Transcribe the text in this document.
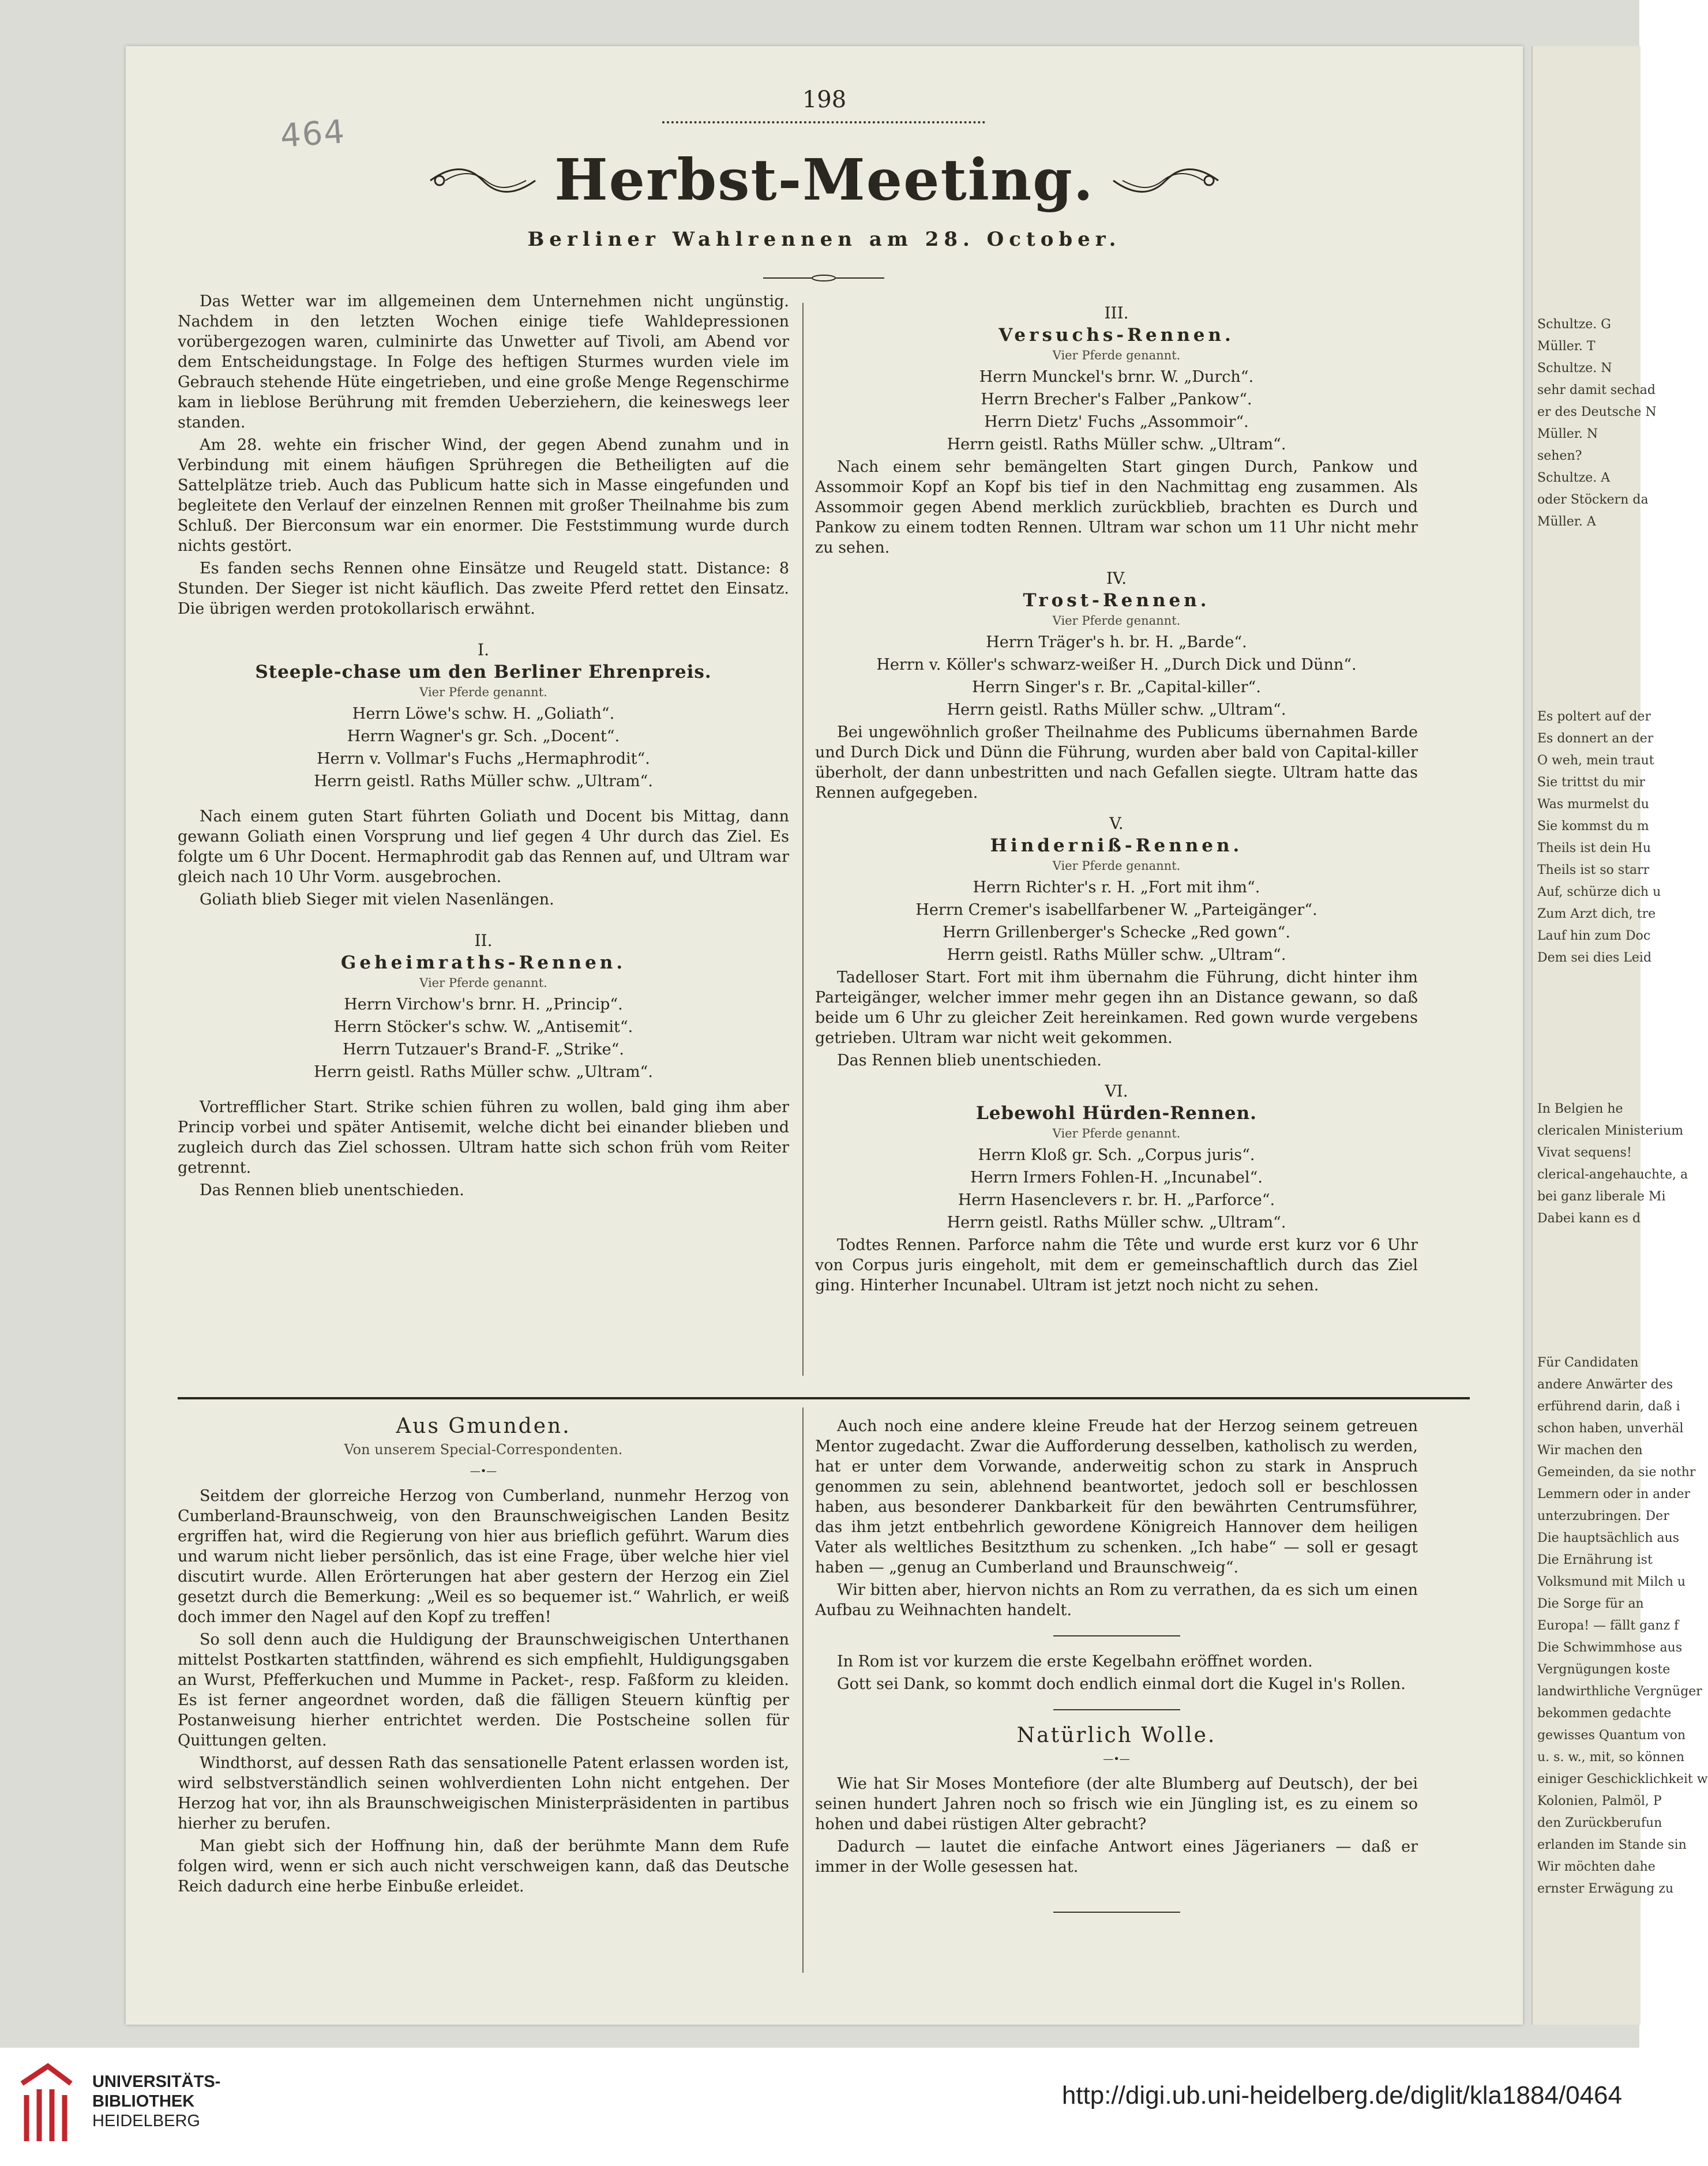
464
198
Herbst-Meeting.
Berliner Wahlrennen am 28. October.

Das Wetter war im allgemeinen dem Unternehmen nicht ungünstig. Nachdem in den letzten Wochen einige tiefe Wahldepressionen vorübergezogen waren, culminirte das Unwetter auf Tivoli, am Abend vor dem Entscheidungstage. In Folge des heftigen Sturmes wurden viele im Gebrauch stehende Hüte eingetrieben, und eine große Menge Regenschirme kam in lieblose Berührung mit fremden Ueberziehern, die keineswegs leer standen.

Am 28. wehte ein frischer Wind, der gegen Abend zunahm und in Verbindung mit einem häufigen Sprühregen die Betheiligten auf die Sattelplätze trieb. Auch das Publicum hatte sich in Masse eingefunden und begleitete den Verlauf der einzelnen Rennen mit großer Theilnahme bis zum Schluß. Der Bierconsum war ein enormer. Die Feststimmung wurde durch nichts gestört.

Es fanden sechs Rennen ohne Einsätze und Reugeld statt. Distance: 8 Stunden. Der Sieger ist nicht käuflich. Das zweite Pferd rettet den Einsatz. Die übrigen werden protokollarisch erwähnt.

I.
Steeple-chase um den Berliner Ehrenpreis.
Vier Pferde genannt.

Herrn Löwe's schw. H. „Goliath“.

Herrn Wagner's gr. Sch. „Docent“.

Herrn v. Vollmar's Fuchs „Hermaphrodit“.

Herrn geistl. Raths Müller schw. „Ultram“.

Nach einem guten Start führten Goliath und Docent bis Mittag, dann gewann Goliath einen Vorsprung und lief gegen 4 Uhr durch das Ziel. Es folgte um 6 Uhr Docent. Hermaphrodit gab das Rennen auf, und Ultram war gleich nach 10 Uhr Vorm. ausgebrochen.

Goliath blieb Sieger mit vielen Nasenlängen.

II.
Geheimraths-Rennen.
Vier Pferde genannt.

Herrn Virchow's brnr. H. „Princip“.

Herrn Stöcker's schw. W. „Antisemit“.

Herrn Tutzauer's Brand-F. „Strike“.

Herrn geistl. Raths Müller schw. „Ultram“.

Vortrefflicher Start. Strike schien führen zu wollen, bald ging ihm aber Princip vorbei und später Antisemit, welche dicht bei einander blieben und zugleich durch das Ziel schossen. Ultram hatte sich schon früh vom Reiter getrennt.

Das Rennen blieb unentschieden.

III.
Versuchs-Rennen.
Vier Pferde genannt.

Herrn Munckel's brnr. W. „Durch“.

Herrn Brecher's Falber „Pankow“.

Herrn Dietz' Fuchs „Assommoir“.

Herrn geistl. Raths Müller schw. „Ultram“.

Nach einem sehr bemängelten Start gingen Durch, Pankow und Assommoir Kopf an Kopf bis tief in den Nachmittag eng zusammen. Als Assommoir gegen Abend merklich zurückblieb, brachten es Durch und Pankow zu einem todten Rennen. Ultram war schon um 11 Uhr nicht mehr zu sehen.

IV.
Trost-Rennen.
Vier Pferde genannt.

Herrn Träger's h. br. H. „Barde“.

Herrn v. Köller's schwarz-weißer H. „Durch Dick und Dünn“.

Herrn Singer's r. Br. „Capital-killer“.

Herrn geistl. Raths Müller schw. „Ultram“.

Bei ungewöhnlich großer Theilnahme des Publicums übernahmen Barde und Durch Dick und Dünn die Führung, wurden aber bald von Capital-killer überholt, der dann unbestritten und nach Gefallen siegte. Ultram hatte das Rennen aufgegeben.

V.
Hinderniß-Rennen.
Vier Pferde genannt.

Herrn Richter's r. H. „Fort mit ihm“.

Herrn Cremer's isabellfarbener W. „Parteigänger“.

Herrn Grillenberger's Schecke „Red gown“.

Herrn geistl. Raths Müller schw. „Ultram“.

Tadelloser Start. Fort mit ihm übernahm die Führung, dicht hinter ihm Parteigänger, welcher immer mehr gegen ihn an Distance gewann, so daß beide um 6 Uhr zu gleicher Zeit hereinkamen. Red gown wurde vergebens getrieben. Ultram war nicht weit gekommen.

Das Rennen blieb unentschieden.

VI.
Lebewohl Hürden-Rennen.
Vier Pferde genannt.

Herrn Kloß gr. Sch. „Corpus juris“.

Herrn Irmers Fohlen-H. „Incunabel“.

Herrn Hasenclevers r. br. H. „Parforce“.

Herrn geistl. Raths Müller schw. „Ultram“.

Todtes Rennen. Parforce nahm die Tête und wurde erst kurz vor 6 Uhr von Corpus juris eingeholt, mit dem er gemeinschaftlich durch das Ziel ging. Hinterher Incunabel. Ultram ist jetzt noch nicht zu sehen.

Aus Gmunden.
Von unserem Special-Correspondenten.
—•—

Seitdem der glorreiche Herzog von Cumberland, nunmehr Herzog von Cumberland-Braunschweig, von den Braunschweigischen Landen Besitz ergriffen hat, wird die Regierung von hier aus brieflich geführt. Warum dies und warum nicht lieber persönlich, das ist eine Frage, über welche hier viel discutirt wurde. Allen Erörterungen hat aber gestern der Herzog ein Ziel gesetzt durch die Bemerkung: „Weil es so bequemer ist.“ Wahrlich, er weiß doch immer den Nagel auf den Kopf zu treffen!

So soll denn auch die Huldigung der Braunschweigischen Unterthanen mittelst Postkarten stattfinden, während es sich empfiehlt, Huldigungsgaben an Wurst, Pfefferkuchen und Mumme in Packet-, resp. Faßform zu kleiden. Es ist ferner angeordnet worden, daß die fälligen Steuern künftig per Postanweisung hierher entrichtet werden. Die Postscheine sollen für Quittungen gelten.

Windthorst, auf dessen Rath das sensationelle Patent erlassen worden ist, wird selbstverständlich seinen wohlverdienten Lohn nicht entgehen. Der Herzog hat vor, ihn als Braunschweigischen Ministerpräsidenten in partibus hierher zu berufen.

Man giebt sich der Hoffnung hin, daß der berühmte Mann dem Rufe folgen wird, wenn er sich auch nicht verschweigen kann, daß das Deutsche Reich dadurch eine herbe Einbuße erleidet.

Auch noch eine andere kleine Freude hat der Herzog seinem getreuen Mentor zugedacht. Zwar die Aufforderung desselben, katholisch zu werden, hat er unter dem Vorwande, anderweitig schon zu stark in Anspruch genommen zu sein, ablehnend beantwortet, jedoch soll er beschlossen haben, aus besonderer Dankbarkeit für den bewährten Centrumsführer, das ihm jetzt entbehrlich gewordene Königreich Hannover dem heiligen Vater als weltliches Besitzthum zu schenken. „Ich habe“ — soll er gesagt haben — „genug an Cumberland und Braunschweig“.

Wir bitten aber, hiervon nichts an Rom zu verrathen, da es sich um einen Aufbau zu Weihnachten handelt.

In Rom ist vor kurzem die erste Kegelbahn eröffnet worden.

Gott sei Dank, so kommt doch endlich einmal dort die Kugel in's Rollen.

Natürlich Wolle.
—•—

Wie hat Sir Moses Montefiore (der alte Blumberg auf Deutsch), der bei seinen hundert Jahren noch so frisch wie ein Jüngling ist, es zu einem so hohen und dabei rüstigen Alter gebracht?

Dadurch — lautet die einfache Antwort eines Jägerianers — daß er immer in der Wolle gesessen hat.

Schultze. G
Müller. T
Schultze. N
sehr damit sechad
er des Deutsche N
Müller. N
sehen?
Schultze. A
oder Stöckern da
Müller. A
Es poltert auf der
Es donnert an der
O weh, mein traut
Sie trittst du mir
Was murmelst du
Sie kommst du m
Theils ist dein Hu
Theils ist so starr
Auf, schürze dich u
Zum Arzt dich, tre
Lauf hin zum Doc
Dem sei dies Leid
In Belgien he
clericalen Ministerium
Vivat sequens!
clerical-angehauchte, a
bei ganz liberale Mi
Dabei kann es d
Für Candidaten
andere Anwärter des
erführend darin, daß i
schon haben, unverhäl
Wir machen den
Gemeinden, da sie nothr
Lemmern oder in ander
unterzubringen. Der
Die hauptsächlich aus
Die Ernährung ist
Volksmund mit Milch u
Die Sorge für an
Europa! — fällt ganz f
Die Schwimmhose aus
Vergnügungen koste
landwirthliche Vergnüger
bekommen gedachte
gewisses Quantum von
u. s. w., mit, so können
einiger Geschicklichkeit w
Kolonien, Palmöl, P
den Zurückberufun
erlanden im Stande sin
Wir möchten dahe
ernster Erwägung zu
UNIVERSITÄTS-
BIBLIOTHEK
HEIDELBERG
http://digi.ub.uni-heidelberg.de/diglit/kla1884/0464
